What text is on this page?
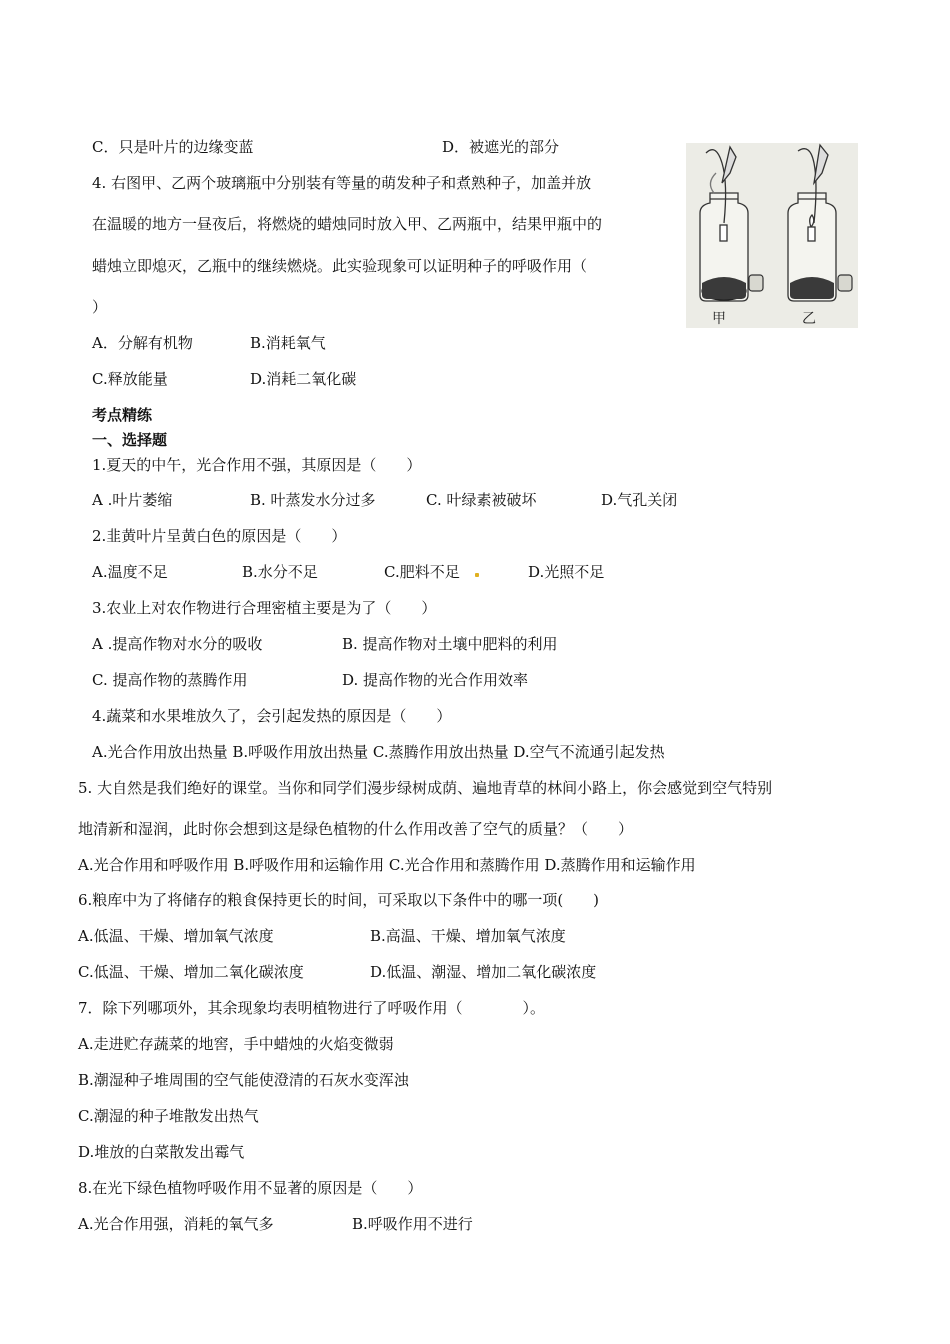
C．只是叶片的边缘变蓝	D．被遮光的部分
4. 右图甲、乙两个玻璃瓶中分别装有等量的萌发种子和煮熟种子，加盖并放
在温暖的地方一昼夜后，将燃烧的蜡烛同时放入甲、乙两瓶中，结果甲瓶中的
蜡烛立即熄灭，乙瓶中的继续燃烧。此实验现象可以证明种子的呼吸作用（
）
A．分解有机物	B.消耗氧气
C.释放能量	D.消耗二氧化碳
甲	乙
考点精练
一、选择题
1.夏天的中午，光合作用不强，其原因是（　　）
A .叶片萎缩	B. 叶蒸发水分过多	C. 叶绿素被破坏	D.气孔关闭
2.韭黄叶片呈黄白色的原因是（　　）
A.温度不足	B.水分不足	C.肥料不足	D.光照不足
3.农业上对农作物进行合理密植主要是为了（　　）
A .提高作物对水分的吸收	B. 提高作物对土壤中肥料的利用
C. 提高作物的蒸腾作用	D. 提高作物的光合作用效率
4.蔬菜和水果堆放久了，会引起发热的原因是（　　）
A.光合作用放出热量 B.呼吸作用放出热量 C.蒸腾作用放出热量 D.空气不流通引起发热
5. 大自然是我们绝好的课堂。当你和同学们漫步绿树成荫、遍地青草的林间小路上，你会感觉到空气特别
地清新和湿润，此时你会想到这是绿色植物的什么作用改善了空气的质量？（　　）
A.光合作用和呼吸作用 B.呼吸作用和运输作用 C.光合作用和蒸腾作用 D.蒸腾作用和运输作用
6.粮库中为了将储存的粮食保持更长的时间，可采取以下条件中的哪一项(　　)
A.低温、干燥、增加氧气浓度	B.高温、干燥、增加氧气浓度
C.低温、干燥、增加二氧化碳浓度	D.低温、潮湿、增加二氧化碳浓度
7．除下列哪项外，其余现象均表明植物进行了呼吸作用（　　　　）。
A.走进贮存蔬菜的地窖，手中蜡烛的火焰变微弱
B.潮湿种子堆周围的空气能使澄清的石灰水变浑浊
C.潮湿的种子堆散发出热气
D.堆放的白菜散发出霉气
8.在光下绿色植物呼吸作用不显著的原因是（　　）
A.光合作用强，消耗的氧气多	B.呼吸作用不进行
